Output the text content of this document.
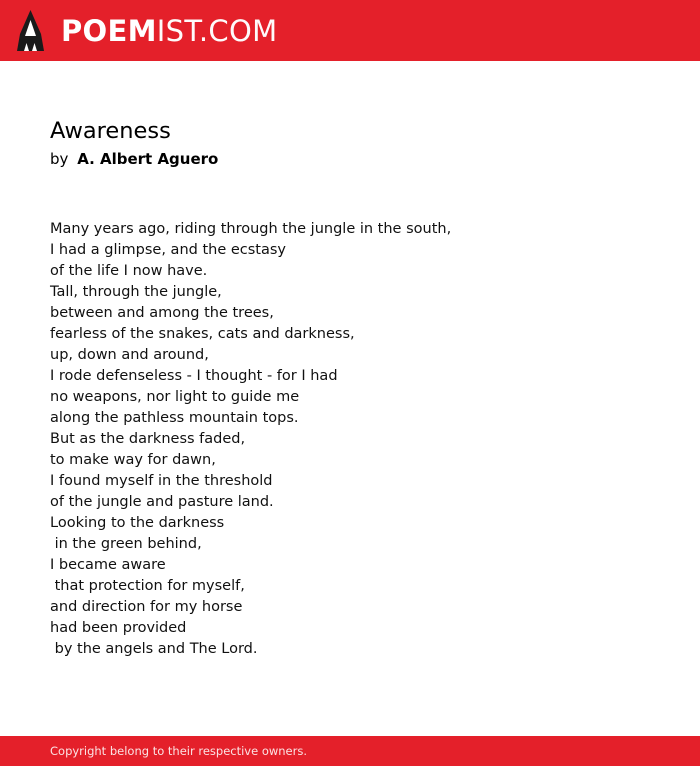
POEMIST.COM
Awareness
by A. Albert Aguero
Many years ago, riding through the jungle in the south,
I had a glimpse, and the ecstasy
of the life I now have.
Tall, through the jungle,
between and among the trees,
fearless of the snakes, cats and darkness,
up, down and around,
I rode defenseless - I thought - for I had
no weapons, nor light to guide me
along the pathless mountain tops.
But as the darkness faded,
to make way for dawn,
I found myself in the threshold
of the jungle and pasture land.
Looking to the darkness
in the green behind,
I became aware
that protection for myself,
and direction for my horse
had been provided
by the angels and The Lord.
Copyright belong to their respective owners.
